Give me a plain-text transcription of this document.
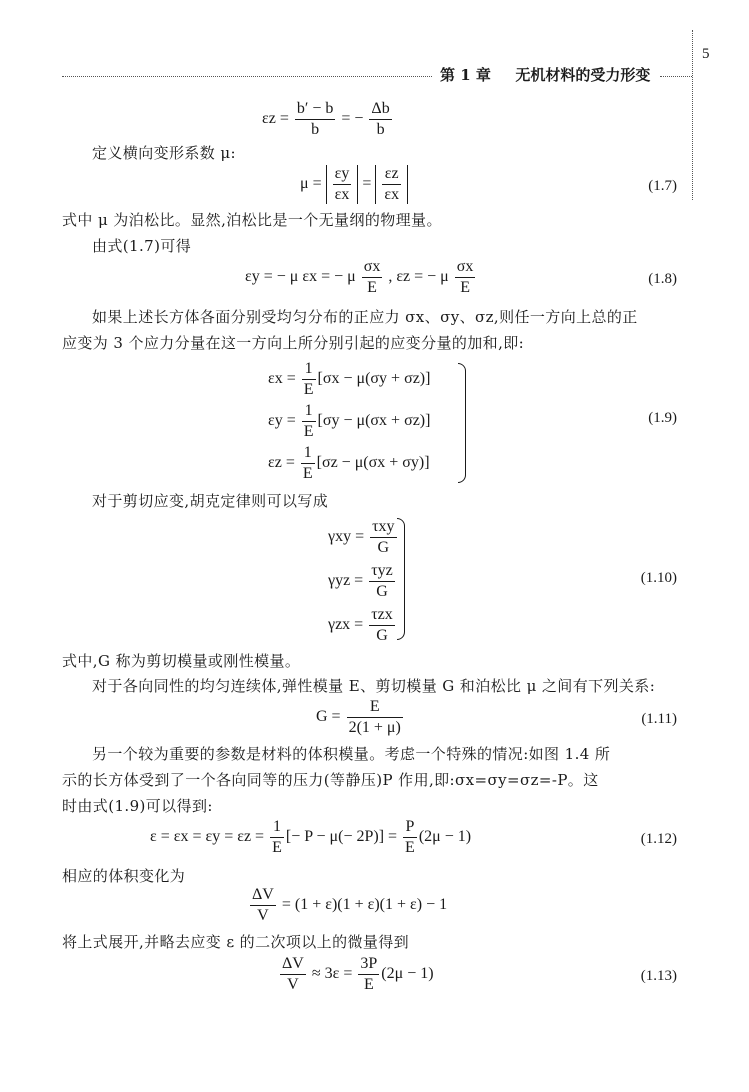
5
第 1 章 无机材料的受力形变
$\varepsilon z = \frac{b' - b}{b}$ = − $\frac{\Delta b}{b}$
定义横向变形系数 μ:
$\mu = \frac{\varepsilon y}{\varepsilon x} = \frac{\varepsilon z}{\varepsilon x}$	(1.7)
式中 μ 为泊松比。显然,泊松比是一个无量纲的物理量。
由式(1.7)可得
εy = − μ εx = − μ $\frac{\sigma x}{E}$ , εz = − μ $\frac{\sigma x}{E}$	(1.8)
如果上述长方体各面分别受均匀分布的正应力 σx、σy、σz,则任一方向上总的正
应变为 3 个应力分量在这一方向上所分别引起的应变分量的加和,即:
$\varepsilon x = \frac{1}{E} [\sigma x - \mu(\sigma y + \sigma z)]$
$\varepsilon y = \frac{1}{E} [\sigma y - \mu(\sigma x + \sigma z)]$
$\varepsilon z = \frac{1}{E} [\sigma z - \mu(\sigma x + \sigma y)]$
(1.9)
对于剪切应变,胡克定律则可以写成
$\gamma xy = \frac{\text{τxy}}{G}$
$\gamma yz = \frac{\text{τyz}}{G}$
$\gamma zx = \frac{\text{τzx}}{G}$
(1.10)
式中,G 称为剪切模量或刚性模量。
对于各向同性的均匀连续体,弹性模量 E、剪切模量 G 和泊松比 μ 之间有下列关系:
$G = \frac{E}{2(1 + \mu)}$	(1.11)
另一个较为重要的参数是材料的体积模量。考虑一个特殊的情况:如图 1.4 所
示的长方体受到了一个各向同等的压力(等静压)P 作用,即:σx=σy=σz=-P。这
时由式(1.9)可以得到:
$\varepsilon = \varepsilon x = \varepsilon y = \varepsilon z = \frac{1}{E}$ [− $P - \mu(- 2P)] = \frac{P}{E} (2\mu - 1)$	(1.12)
相应的体积变化为
$\frac{\Delta V}{V} = (1 + \varepsilon)(1 + \varepsilon)(1 + \varepsilon) - 1$
将上式展开,并略去应变 ε 的二次项以上的微量得到
$\frac{\Delta V}{V} \approx 3\varepsilon = \frac{3P}{E} (2\mu - 1)$	(1.13)
